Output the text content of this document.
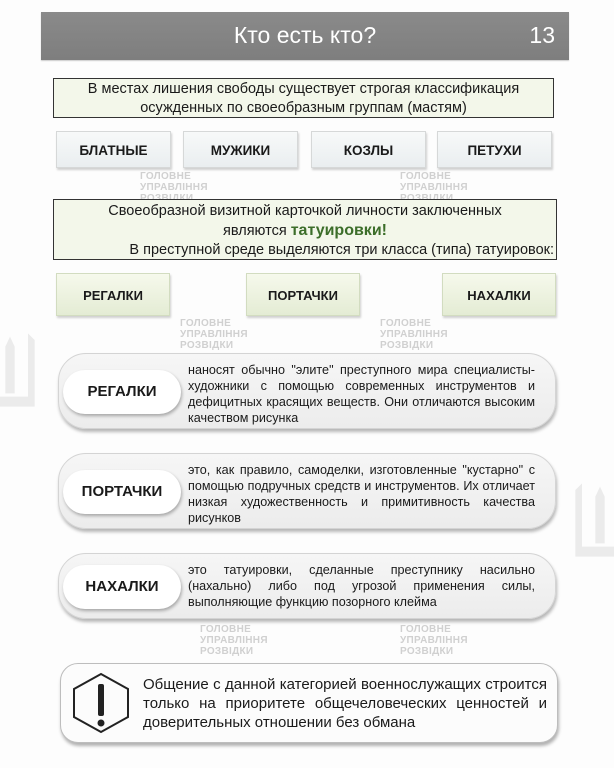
ГОЛОВНЕ
УПРАВЛІННЯ

ГОЛОВНЕ
УПРАВЛІННЯ

ГОЛОВНЕ
УПРАВЛІННЯ
РОЗВІДКИ
ГОЛОВНЕ
УПРАВЛІННЯ
РОЗВІДКИ
ГОЛОВНЕ
УПРАВЛІННЯ
РОЗВІДКИ
ГОЛОВНЕ
УПРАВЛІННЯ
РОЗВІДКИ
Кто есть кто?	13
В местах лишения свободы существует строгая классификация
осужденных по своеобразным группам (мастям)
БЛАТНЫЕ	МУЖИКИ	КОЗЛЫ	ПЕТУХИ
Своеобразной визитной карточкой личности заключенных
являются татуировки!
В преступной среде выделяются три класса (типа) татуировок:
РЕГАЛКИ	ПОРТАЧКИ	НАХАЛКИ
РЕГАЛКИ
наносят обычно "элите" преступного мира специалисты-художники с помощью современных инструментов и дефицитных красящих веществ. Они отличаются высоким качеством рисунка
ПОРТАЧКИ
это, как правило, самоделки, изготовленные "кустарно" с помощью подручных средств и инструментов. Их отличает низкая художественность и примитивность качества рисунков
НАХАЛКИ
это татуировки, сделанные преступнику насильно (нахально) либо под угрозой применения силы, выполняющие функцию позорного клейма
Общение с данной категорией военнослужащих строится только на приоритете общечеловеческих ценностей и доверительных отношении без обмана
